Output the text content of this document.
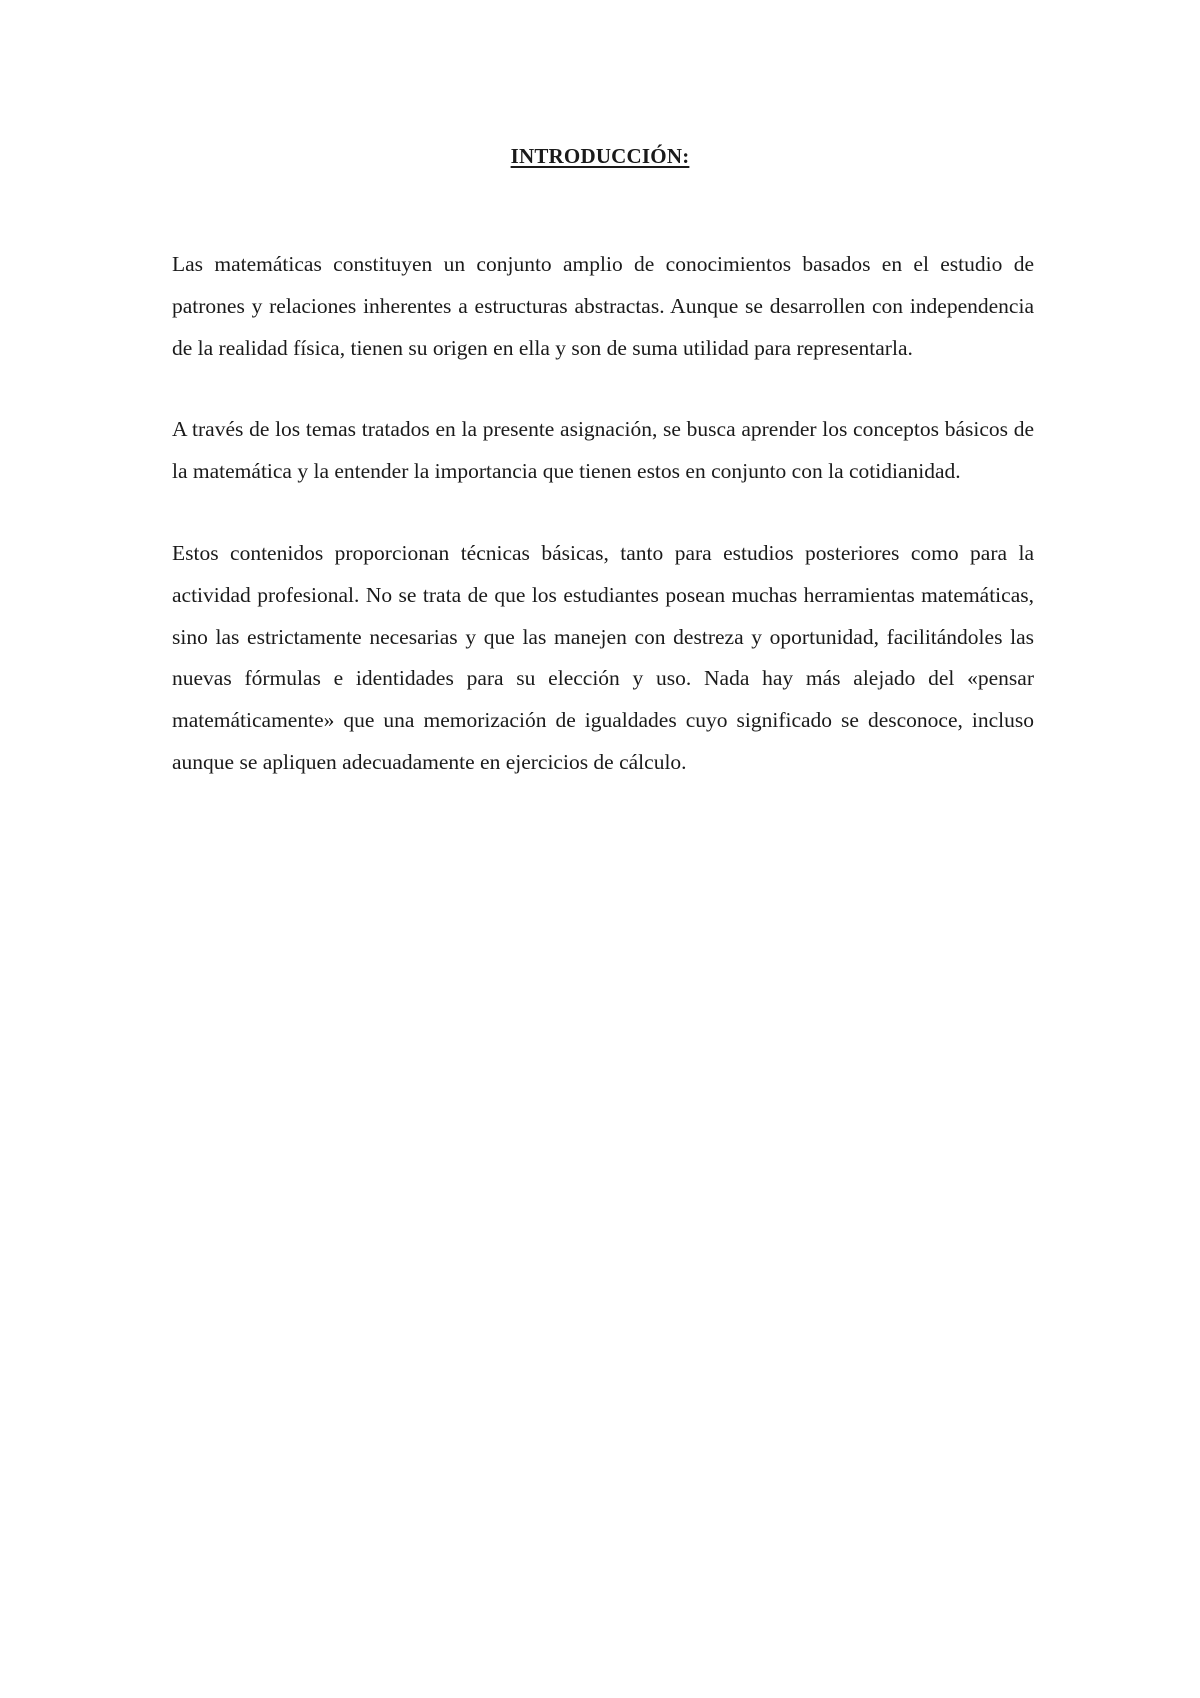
INTRODUCCIÓN:

Las matemáticas constituyen un conjunto amplio de conocimientos basados en el estudio de patrones y relaciones inherentes a estructuras abstractas. Aunque se desarrollen con independencia de la realidad física, tienen su origen en ella y son de suma utilidad para representarla.

A través de los temas tratados en la presente asignación, se busca aprender los conceptos básicos de la matemática y la entender la importancia que tienen estos en conjunto con la cotidianidad.

Estos contenidos proporcionan técnicas básicas, tanto para estudios posteriores como para la actividad profesional. No se trata de que los estudiantes posean muchas herramientas matemáticas, sino las estrictamente necesarias y que las manejen con destreza y oportunidad, facilitándoles las nuevas fórmulas e identidades para su elección y uso. Nada hay más alejado del «pensar matemáticamente» que una memorización de igualdades cuyo significado se desconoce, incluso aunque se apliquen adecuadamente en ejercicios de cálculo.
